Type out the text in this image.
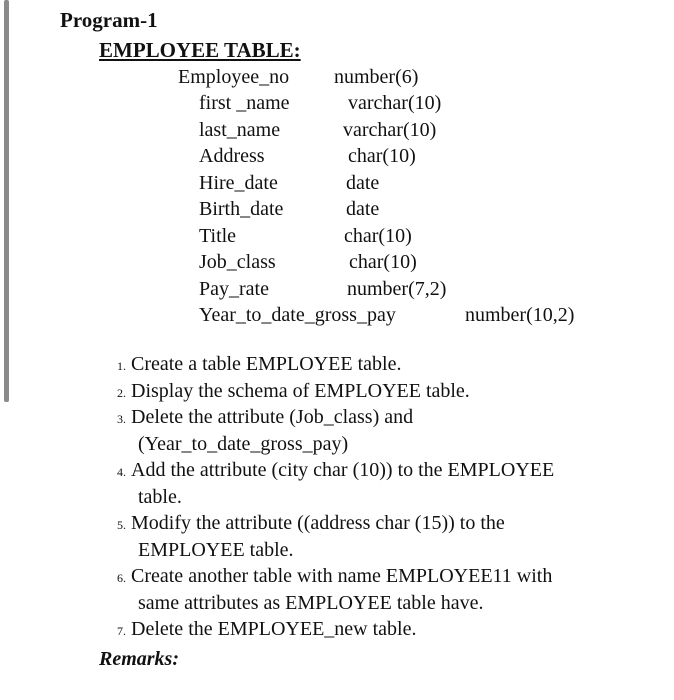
Program-1
EMPLOYEE TABLE:
Employee_no
first _name
last_name
Address
Hire_date
Birth_date
Title
Job_class
Pay_rate
Year_to_date_gross_pay
number(6)
varchar(10)
varchar(10)
char(10)
date
date
char(10)
char(10)
number(7,2)
number(10,2)
1. Create a table EMPLOYEE table.
2. Display the schema of EMPLOYEE table.
3. Delete the attribute (Job_class) and
(Year_to_date_gross_pay)
4. Add the attribute (city char (10)) to the EMPLOYEE
table.
5. Modify the attribute ((address char (15)) to the
EMPLOYEE table.
6. Create another table with name EMPLOYEE11 with
same attributes as EMPLOYEE table have.
7. Delete the EMPLOYEE_new table.
Remarks:
